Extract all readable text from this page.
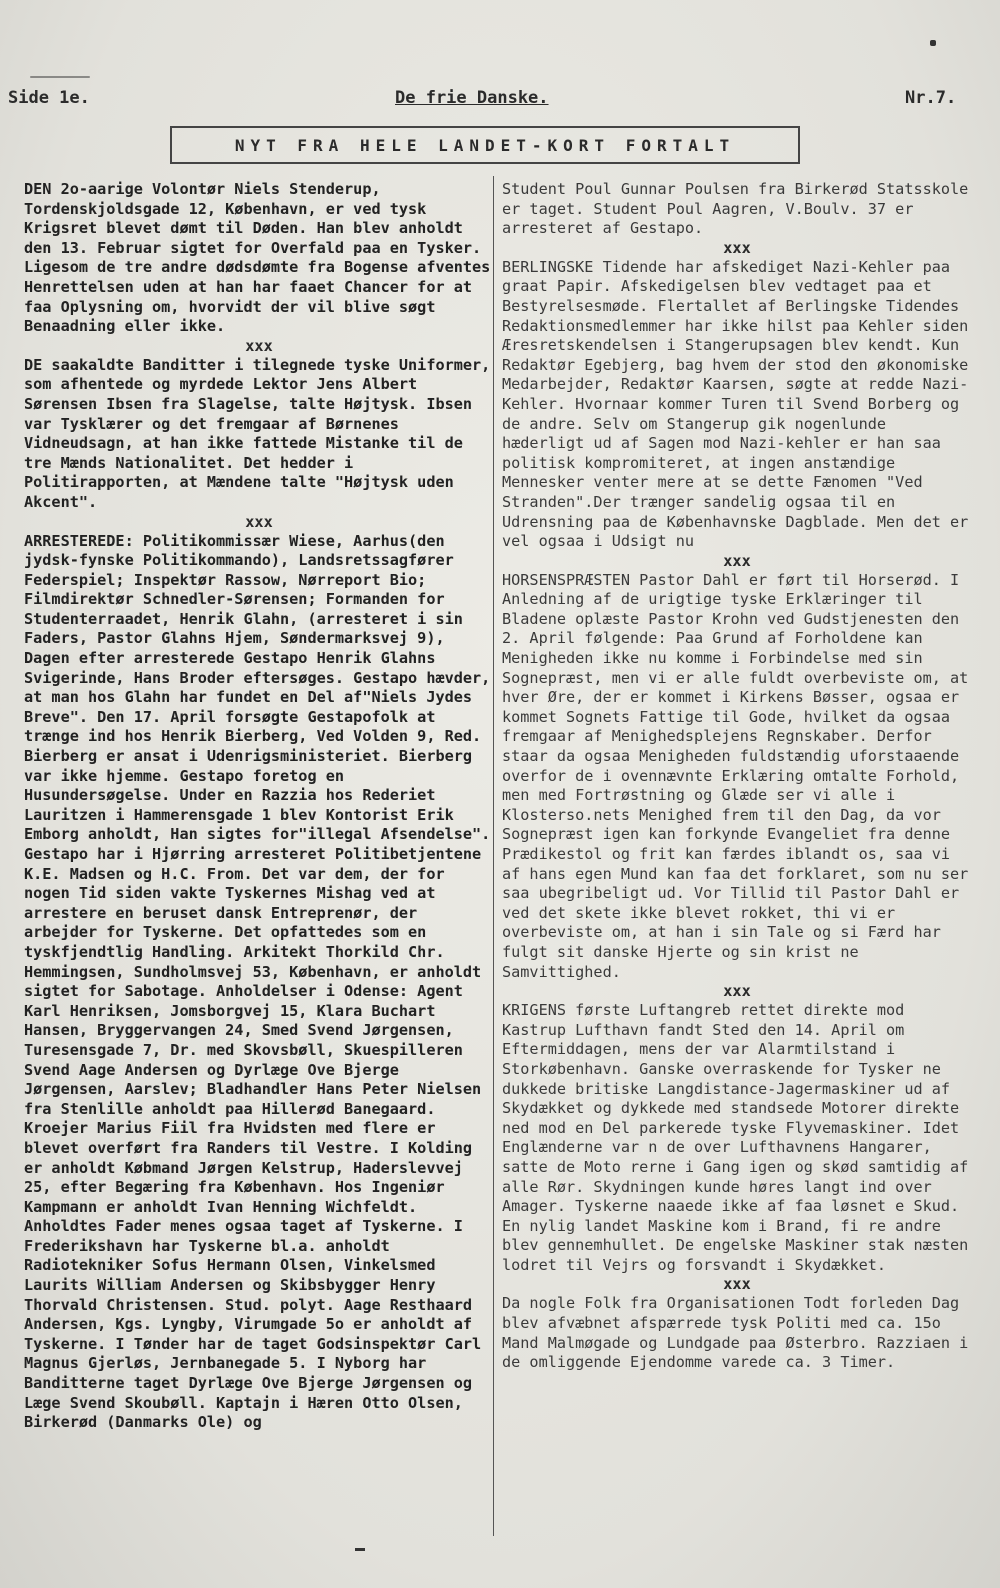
Side 1e.	De frie Danske.	Nr.7.
NYT FRA HELE LANDET-KORT FORTALT

DEN 2o-aarige Volontør Niels Stenderup, Tordenskjoldsgade 12, København, er ved tysk Krigsret blevet dømt til Døden. Han blev anholdt den 13. Februar sigtet for Overfald paa en Tysker. Ligesom de tre andre dødsdømte fra Bogense afventes Henrettelsen uden at han har faaet Chancer for at faa Oplysning om, hvorvidt der vil blive søgt Benaadning eller ikke.

xxx

DE saakaldte Banditter i tilegnede tyske Uniformer, som afhentede og myrdede Lektor Jens Albert Sørensen Ibsen fra Slagelse, talte Højtysk. Ibsen var Tysklærer og det fremgaar af Børnenes Vidneudsagn, at han ikke fattede Mistanke til de tre Mænds Nationalitet. Det hedder i Politirapporten, at Mændene talte "Højtysk uden Akcent".

xxx

ARRESTEREDE: Politikommissær Wiese, Aarhus(den jydsk-fynske Politikommando), Landsretssagfører Federspiel; Inspektør Rassow, Nørreport Bio; Filmdirektør Schnedler-Sørensen; Formanden for Studenterraadet, Henrik Glahn, (arresteret i sin Faders, Pastor Glahns Hjem, Søndermarksvej 9), Dagen efter arresterede Gestapo Henrik Glahns Svigerinde, Hans Broder eftersøges. Gestapo hævder, at man hos Glahn har fundet en Del af"Niels Jydes Breve". Den 17. April forsøgte Gestapofolk at trænge ind hos Henrik Bierberg, Ved Volden 9, Red. Bierberg er ansat i Udenrigsministeriet. Bierberg var ikke hjemme. Gestapo foretog en Husundersøgelse. Under en Razzia hos Rederiet Lauritzen i Hammerensgade 1 blev Kontorist Erik Emborg anholdt, Han sigtes for"illegal Afsendelse". Gestapo har i Hjørring arresteret Politibetjentene K.E. Madsen og H.C. From. Det var dem, der for nogen Tid siden vakte Tyskernes Mishag ved at arrestere en beruset dansk Entreprenør, der arbejder for Tyskerne. Det opfattedes som en tyskfjendtlig Handling. Arkitekt Thorkild Chr. Hemmingsen, Sundholmsvej 53, København, er anholdt sigtet for Sabotage. Anholdelser i Odense: Agent Karl Henriksen, Jomsborgvej 15, Klara Buchart Hansen, Bryggervangen 24, Smed Svend Jørgensen, Turesensgade 7, Dr. med Skovsbøll, Skuespilleren Svend Aage Andersen og Dyrlæge Ove Bjerge Jørgensen, Aarslev; Bladhandler Hans Peter Nielsen fra Stenlille anholdt paa Hillerød Banegaard. Kroejer Marius Fiil fra Hvidsten med flere er blevet overført fra Randers til Vestre. I Kolding er anholdt Købmand Jørgen Kelstrup, Haderslevvej 25, efter Begæring fra København. Hos Ingeniør Kampmann er anholdt Ivan Henning Wichfeldt. Anholdtes Fader menes ogsaa taget af Tyskerne. I Frederikshavn har Tyskerne bl.a. anholdt Radiotekniker Sofus Hermann Olsen, Vinkelsmed Laurits William Andersen og Skibsbygger Henry Thorvald Christensen. Stud. polyt. Aage Resthaard Andersen, Kgs. Lyngby, Virumgade 5o er anholdt af Tyskerne. I Tønder har de taget Godsinspektør Carl Magnus Gjerløs, Jernbanegade 5. I Nyborg har Banditterne taget Dyrlæge Ove Bjerge Jørgensen og Læge Svend Skoubøll. Kaptajn i Hæren Otto Olsen, Birkerød (Danmarks Ole) og

Student Poul Gunnar Poulsen fra Birkerød Statsskole er taget. Student Poul Aagren, V.Boulv. 37 er arresteret af Gestapo.

xxx

BERLINGSKE Tidende har afskediget Nazi-Kehler paa graat Papir. Afskedigelsen blev vedtaget paa et Bestyrelsesmøde. Flertallet af Berlingske Tidendes Redaktionsmedlemmer har ikke hilst paa Kehler siden Æresretskendelsen i Stangerupsagen blev kendt. Kun Redaktør Egebjerg, bag hvem der stod den økonomiske Medarbejder, Redaktør Kaarsen, søgte at redde Nazi-Kehler. Hvornaar kommer Turen til Svend Borberg og de andre. Selv om Stangerup gik nogenlunde hæderligt ud af Sagen mod Nazi-kehler er han saa politisk kompromiteret, at ingen anstændige Mennesker venter mere at se dette Fænomen "Ved Stranden".Der trænger sandelig ogsaa til en Udrensning paa de Københavnske Dagblade. Men det er vel ogsaa i Udsigt nu

xxx

HORSENSPRÆSTEN Pastor Dahl er ført til Horserød. I Anledning af de urigtige tyske Erklæringer til Bladene oplæste Pastor Krohn ved Gudstjenesten den 2. April følgende: Paa Grund af Forholdene kan Menigheden ikke nu komme i Forbindelse med sin Sognepræst, men vi er alle fuldt overbeviste om, at hver Øre, der er kommet i Kirkens Bøsser, ogsaa er kommet Sognets Fattige til Gode, hvilket da ogsaa fremgaar af Menighedsplejens Regnskaber. Derfor staar da ogsaa Menigheden fuldstændig uforstaaende overfor de i ovennævnte Erklæring omtalte Forhold, men med Fortrøstning og Glæde ser vi alle i Klosterso.nets Menighed frem til den Dag, da vor Sognepræst igen kan forkynde Evangeliet fra denne Prædikestol og frit kan færdes iblandt os, saa vi af hans egen Mund kan faa det forklaret, som nu ser saa ubegribeligt ud. Vor Tillid til Pastor Dahl er ved det skete ikke blevet rokket, thi vi er overbeviste om, at han i sin Tale og si Færd har fulgt sit danske Hjerte og sin krist ne Samvittighed.

xxx

KRIGENS første Luftangreb rettet direkte mod Kastrup Lufthavn fandt Sted den 14. April om Eftermiddagen, mens der var Alarmtilstand i Storkøbenhavn. Ganske overraskende for Tysker ne dukkede britiske Langdistance-Jagermaskiner ud af Skydækket og dykkede med standsede Motorer direkte ned mod en Del parkerede tyske Flyvemaskiner. Idet Englænderne var n de over Lufthavnens Hangarer, satte de Moto rerne i Gang igen og skød samtidig af alle Rør. Skydningen kunde høres langt ind over Amager. Tyskerne naaede ikke af faa løsnet e Skud. En nylig landet Maskine kom i Brand, fi re andre blev gennemhullet. De engelske Maskiner stak næsten lodret til Vejrs og forsvandt i Skydækket.

xxx

Da nogle Folk fra Organisationen Todt forleden Dag blev afvæbnet afspærrede tysk Politi med ca. 15o Mand Malmøgade og Lundgade paa Østerbro. Razziaen i de omliggende Ejendomme varede ca. 3 Timer.
